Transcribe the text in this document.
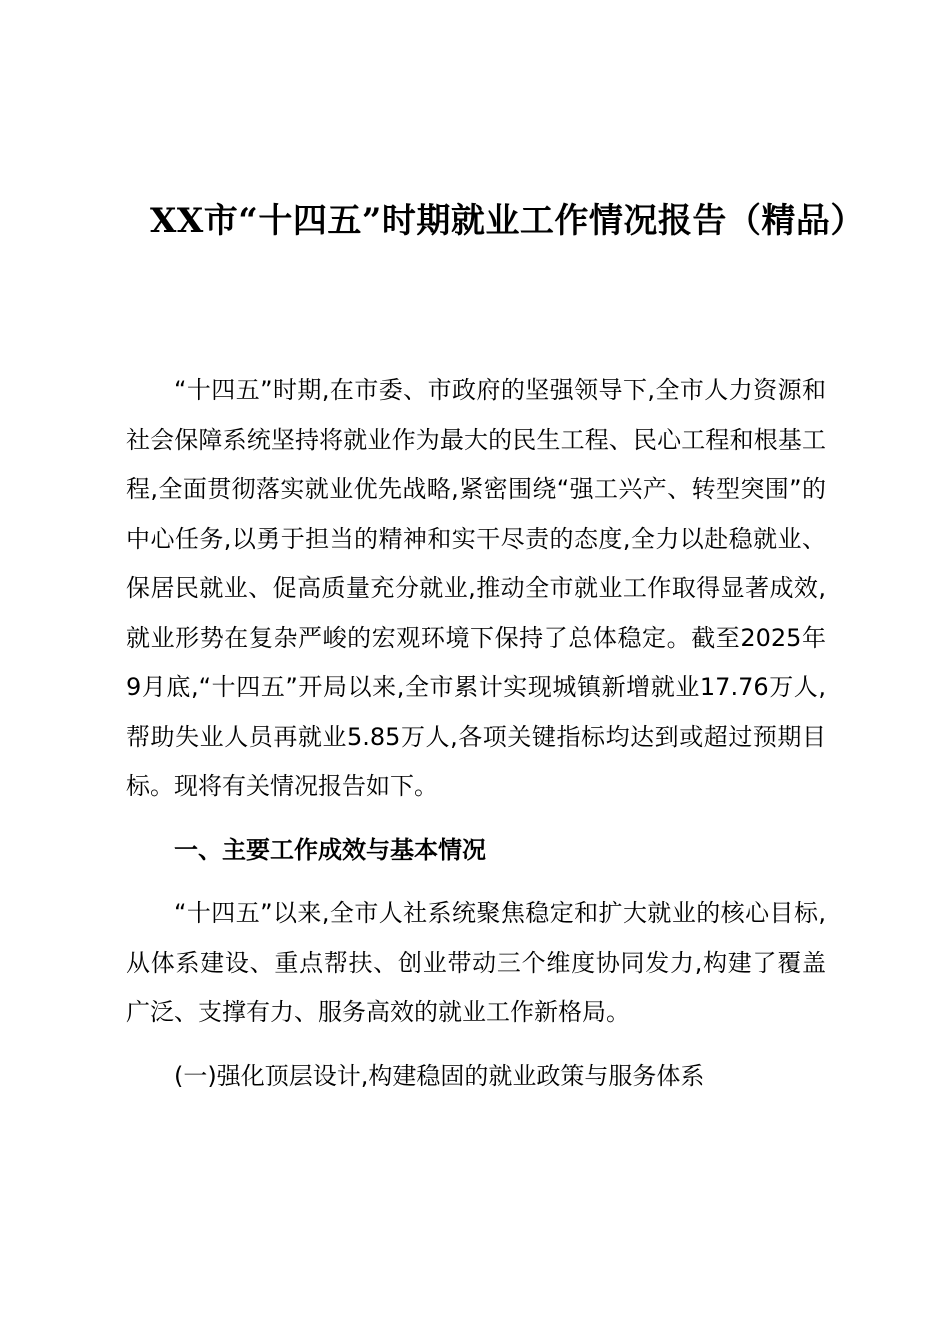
XX市“十四五”时期就业工作情况报告（精品）

“十四五”时期,在市委、市政府的坚强领导下,全市人力资源和社会保障系统坚持将就业作为最大的民生工程、民心工程和根基工程,全面贯彻落实就业优先战略,紧密围绕“强工兴产、转型突围”的中心任务,以勇于担当的精神和实干尽责的态度,全力以赴稳就业、保居民就业、促高质量充分就业,推动全市就业工作取得显著成效,就业形势在复杂严峻的宏观环境下保持了总体稳定。截至2025年9月底,“十四五”开局以来,全市累计实现城镇新增就业17.76万人,帮助失业人员再就业5.85万人,各项关键指标均达到或超过预期目标。现将有关情况报告如下。

一、主要工作成效与基本情况

“十四五”以来,全市人社系统聚焦稳定和扩大就业的核心目标,从体系建设、重点帮扶、创业带动三个维度协同发力,构建了覆盖广泛、支撑有力、服务高效的就业工作新格局。

(一)强化顶层设计,构建稳固的就业政策与服务体系
